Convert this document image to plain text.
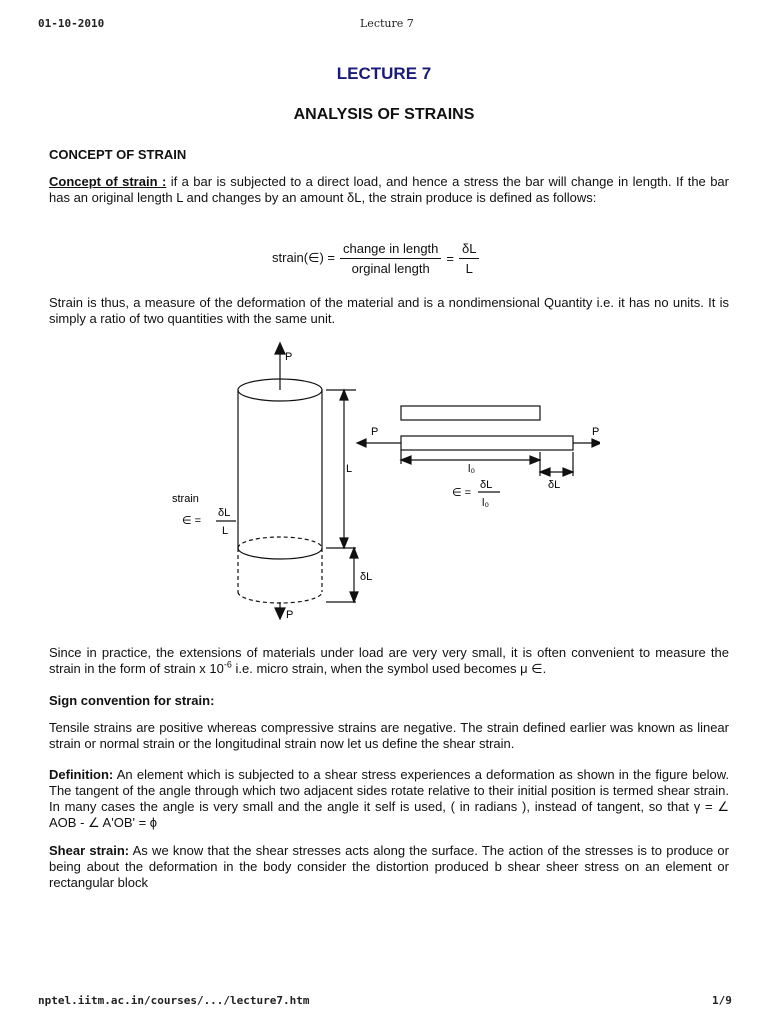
01-10-2010	Lecture 7
LECTURE 7
ANALYSIS OF STRAINS
CONCEPT OF STRAIN
Concept of strain : if a bar is subjected to a direct load, and hence a stress the bar will change in length. If the bar has an original length L and changes by an amount δL, the strain produce is defined as follows:
strain(∈) = $\frac{\text{change in length}}{\text{orginal length}} = \frac{\delta L}{L}$
Strain is thus, a measure of the deformation of the material and is a nondimensional Quantity i.e. it has no units. It is simply a ratio of two quantities with the same unit.
P
P
L
δL
strain
∈ =
δL
L
P	P
l₀
δL
∈ =
δL
l₀
Since in practice, the extensions of materials under load are very very small, it is often convenient to measure the strain in the form of strain x $10^{-6}$ i.e. micro strain, when the symbol used becomes μ ∈.
Sign convention for strain:
Tensile strains are positive whereas compressive strains are negative. The strain defined earlier was known as linear strain or normal strain or the longitudinal strain now let us define the shear strain.
Definition: An element which is subjected to a shear stress experiences a deformation as shown in the figure below. The tangent of the angle through which two adjacent sides rotate relative to their initial position is termed shear strain. In many cases the angle is very small and the angle it self is used, ( in radians ), instead of tangent, so that γ = ∠ AOB - ∠ A'OB' = ϕ
Shear strain: As we know that the shear stresses acts along the surface. The action of the stresses is to produce or being about the deformation in the body consider the distortion produced b shear sheer stress on an element or rectangular block
nptel.iitm.ac.in/courses/.../lecture7.htm	1/9
